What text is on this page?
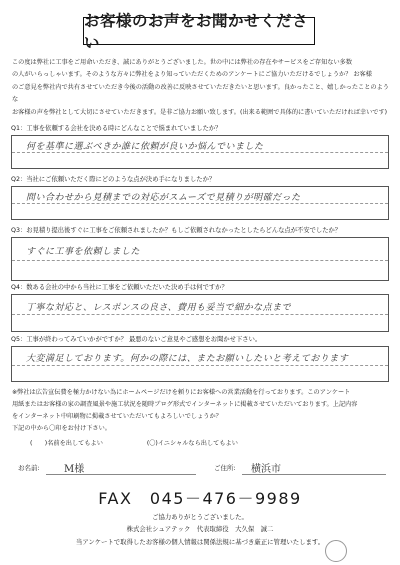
お客様のお声をお聞かせください
この度は弊社に工事をご用命いただき、誠にありがとうございました。世の中には弊社の存在やサービスをご存知ない多数
の人がいらっしゃいます。そのような方々に弊社をより知っていただくためのアンケートにご協力いただけるでしょうか？ お客様
のご意見を弊社内で共有させていただき今後の活動の改善に反映させていただきたいと思います。良かったこと、嬉しかったことのような
お客様の声を弊社として大切にさせていただきます。是非ご協力お願い致します。(出来る範囲で具体的に書いていただければ幸いです)
Q1：工事を依頼する会社を決める時にどんなことで悩まれていましたか？
何を基準に選ぶべきか誰に依頼が良いか悩んでいました
Q2：当社にご依頼いただく際にどのような点が決め手になりましたか？
問い合わせから見積までの対応がスムーズで見積りが明確だった
Q3：お見積り提出後すぐに工事をご依頼されましたか？もしご依頼されなかったとしたらどんな点が不安でしたか？
すぐに工事を依頼しました
Q4：数ある会社の中から当社に工事をご依頼いただいた決め手は何ですか？
丁寧な対応と、レスポンスの良さ、費用も妥当で細かな点まで
Q5：工事が終わってみていかがですか？ 最悪のないご意見やご感想をお聞かせ下さい。
大変満足しております。何かの際には、またお願いしたいと考えております
※弊社は広告宣伝費を極力かけない為にホームページだけを頼りにお客様への営業活動を行っております。このアンケート
用紙またはお客様の家の調査風景や施工状況を随時ブログ形式でインターネットに掲載させていただいております。上記内容
をインターネット中印刷物に掲載させていただいてもよろしいでしょうか？
下記の中から〇印をお付け下さい。
(　　)名前を出してもよい	(〇)イニシャルなら出してもよい
お名前: M様	ご住所: 横浜市
FAX　045－476－9989
ご協力ありがとうございました。
株式会社シュアテック　代表取締役　大久保　誠二
当アンケートで取得したお客様の個人情報は関係法規に基づき厳正に管理いたします。
